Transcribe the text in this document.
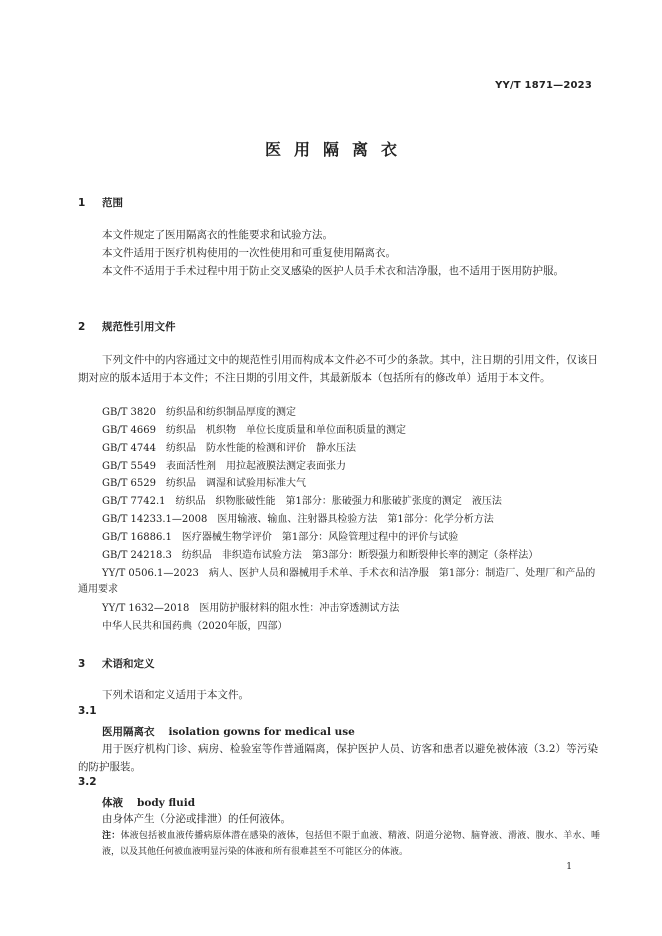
YY/T 1871—2023
医用隔离衣
1 范围
本文件规定了医用隔离衣的性能要求和试验方法。
本文件适用于医疗机构使用的一次性使用和可重复使用隔离衣。
本文件不适用于手术过程中用于防止交叉感染的医护人员手术衣和洁净服，也不适用于医用防护服。
2 规范性引用文件
下列文件中的内容通过文中的规范性引用而构成本文件必不可少的条款。其中，注日期的引用文件，仅该日期对应的版本适用于本文件；不注日期的引用文件，其最新版本（包括所有的修改单）适用于本文件。
GB/T 3820　纺织品和纺织制品厚度的测定
GB/T 4669　纺织品　机织物　单位长度质量和单位面积质量的测定
GB/T 4744　纺织品　防水性能的检测和评价　静水压法
GB/T 5549　表面活性剂　用拉起液膜法测定表面张力
GB/T 6529　纺织品　调湿和试验用标准大气
GB/T 7742.1　纺织品　织物胀破性能　第1部分：胀破强力和胀破扩张度的测定　液压法
GB/T 14233.1—2008　医用输液、输血、注射器具检验方法　第1部分：化学分析方法
GB/T 16886.1　医疗器械生物学评价　第1部分：风险管理过程中的评价与试验
GB/T 24218.3　纺织品　非织造布试验方法　第3部分：断裂强力和断裂伸长率的测定（条样法）
YY/T 0506.1—2023　病人、医护人员和器械用手术单、手术衣和洁净服　第1部分：制造厂、处理厂和产品的通用要求
YY/T 1632—2018　医用防护服材料的阻水性：冲击穿透测试方法
中华人民共和国药典（2020年版，四部）
3 术语和定义
下列术语和定义适用于本文件。
3.1
医用隔离衣 isolation gowns for medical use
用于医疗机构门诊、病房、检验室等作普通隔离，保护医护人员、访客和患者以避免被体液（3.2）等污染的防护服装。
3.2
体液 body fluid
由身体产生（分泌或排泄）的任何液体。
注：体液包括被血液传播病原体潜在感染的液体，包括但不限于血液、精液、阴道分泌物、脑脊液、滑液、腹水、羊水、唾液，以及其他任何被血液明显污染的体液和所有很难甚至不可能区分的体液。
1
